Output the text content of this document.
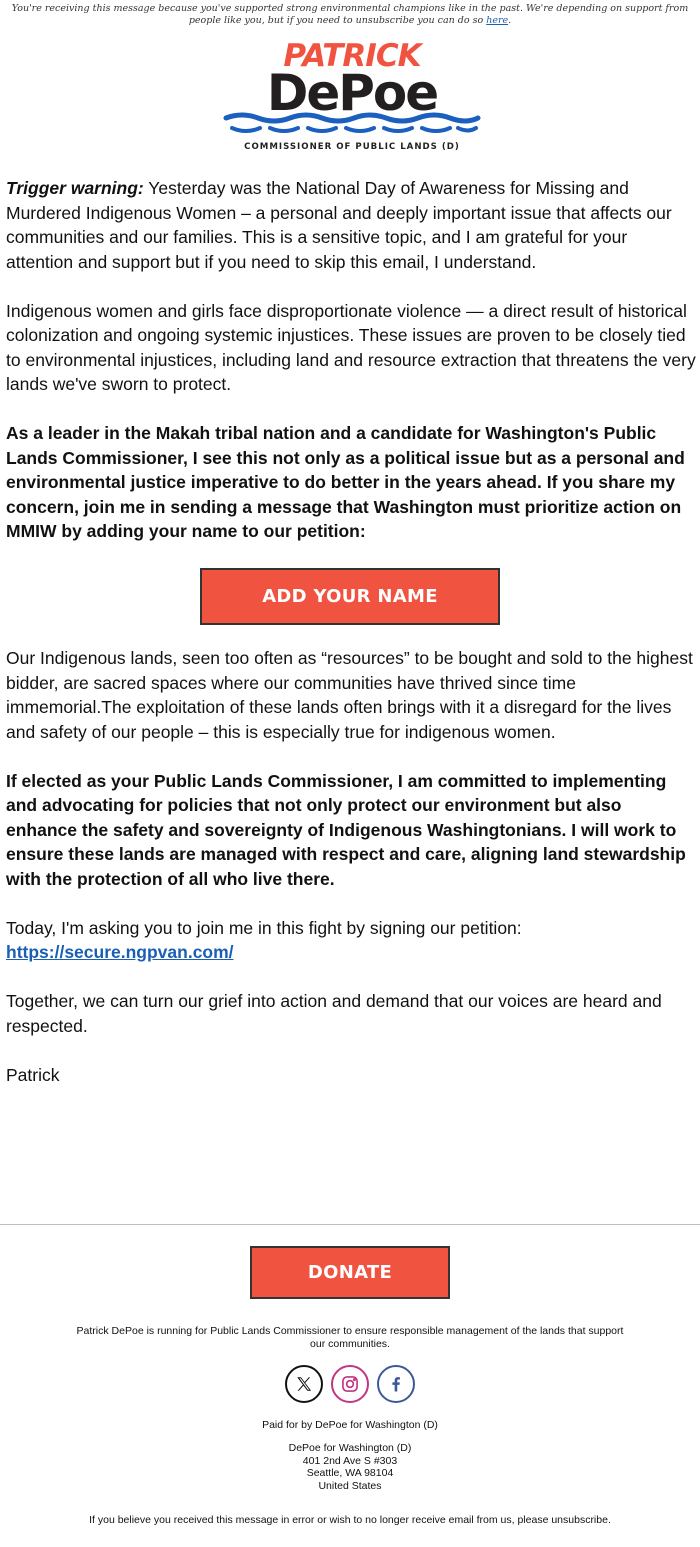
You're receiving this message because you've supported strong environmental champions like in the past. We're depending on support from people like you, but if you need to unsubscribe you can do so here.
PATRICK
DePoe
COMMISSIONER OF PUBLIC LANDS (D)

Trigger warning: Yesterday was the National Day of Awareness for Missing and Murdered Indigenous Women – a personal and deeply important issue that affects our communities and our families. This is a sensitive topic, and I am grateful for your attention and support but if you need to skip this email, I understand.

Indigenous women and girls face disproportionate violence — a direct result of historical colonization and ongoing systemic injustices. These issues are proven to be closely tied to environmental injustices, including land and resource extraction that threatens the very lands we've sworn to protect.

As a leader in the Makah tribal nation and a candidate for Washington's Public Lands Commissioner, I see this not only as a political issue but as a personal and environmental justice imperative to do better in the years ahead. If you share my concern, join me in sending a message that Washington must prioritize action on MMIW by adding your name to our petition:

ADD YOUR NAME

Our Indigenous lands, seen too often as “resources” to be bought and sold to the highest bidder, are sacred spaces where our communities have thrived since time immemorial.The exploitation of these lands often brings with it a disregard for the lives and safety of our people – this is especially true for indigenous women.

If elected as your Public Lands Commissioner, I am committed to implementing and advocating for policies that not only protect our environment but also enhance the safety and sovereignty of Indigenous Washingtonians. I will work to ensure these lands are managed with respect and care, aligning land stewardship with the protection of all who live there.

Today, I'm asking you to join me in this fight by signing our petition:
https://secure.ngpvan.com/

Together, we can turn our grief into action and demand that our voices are heard and respected.

Patrick

DONATE
Patrick DePoe is running for Public Lands Commissioner to ensure responsible management of the lands that support our communities.
Paid for by DePoe for Washington (D)
DePoe for Washington (D)
401 2nd Ave S #303
Seattle, WA 98104
United States
If you believe you received this message in error or wish to no longer receive email from us, please unsubscribe.
